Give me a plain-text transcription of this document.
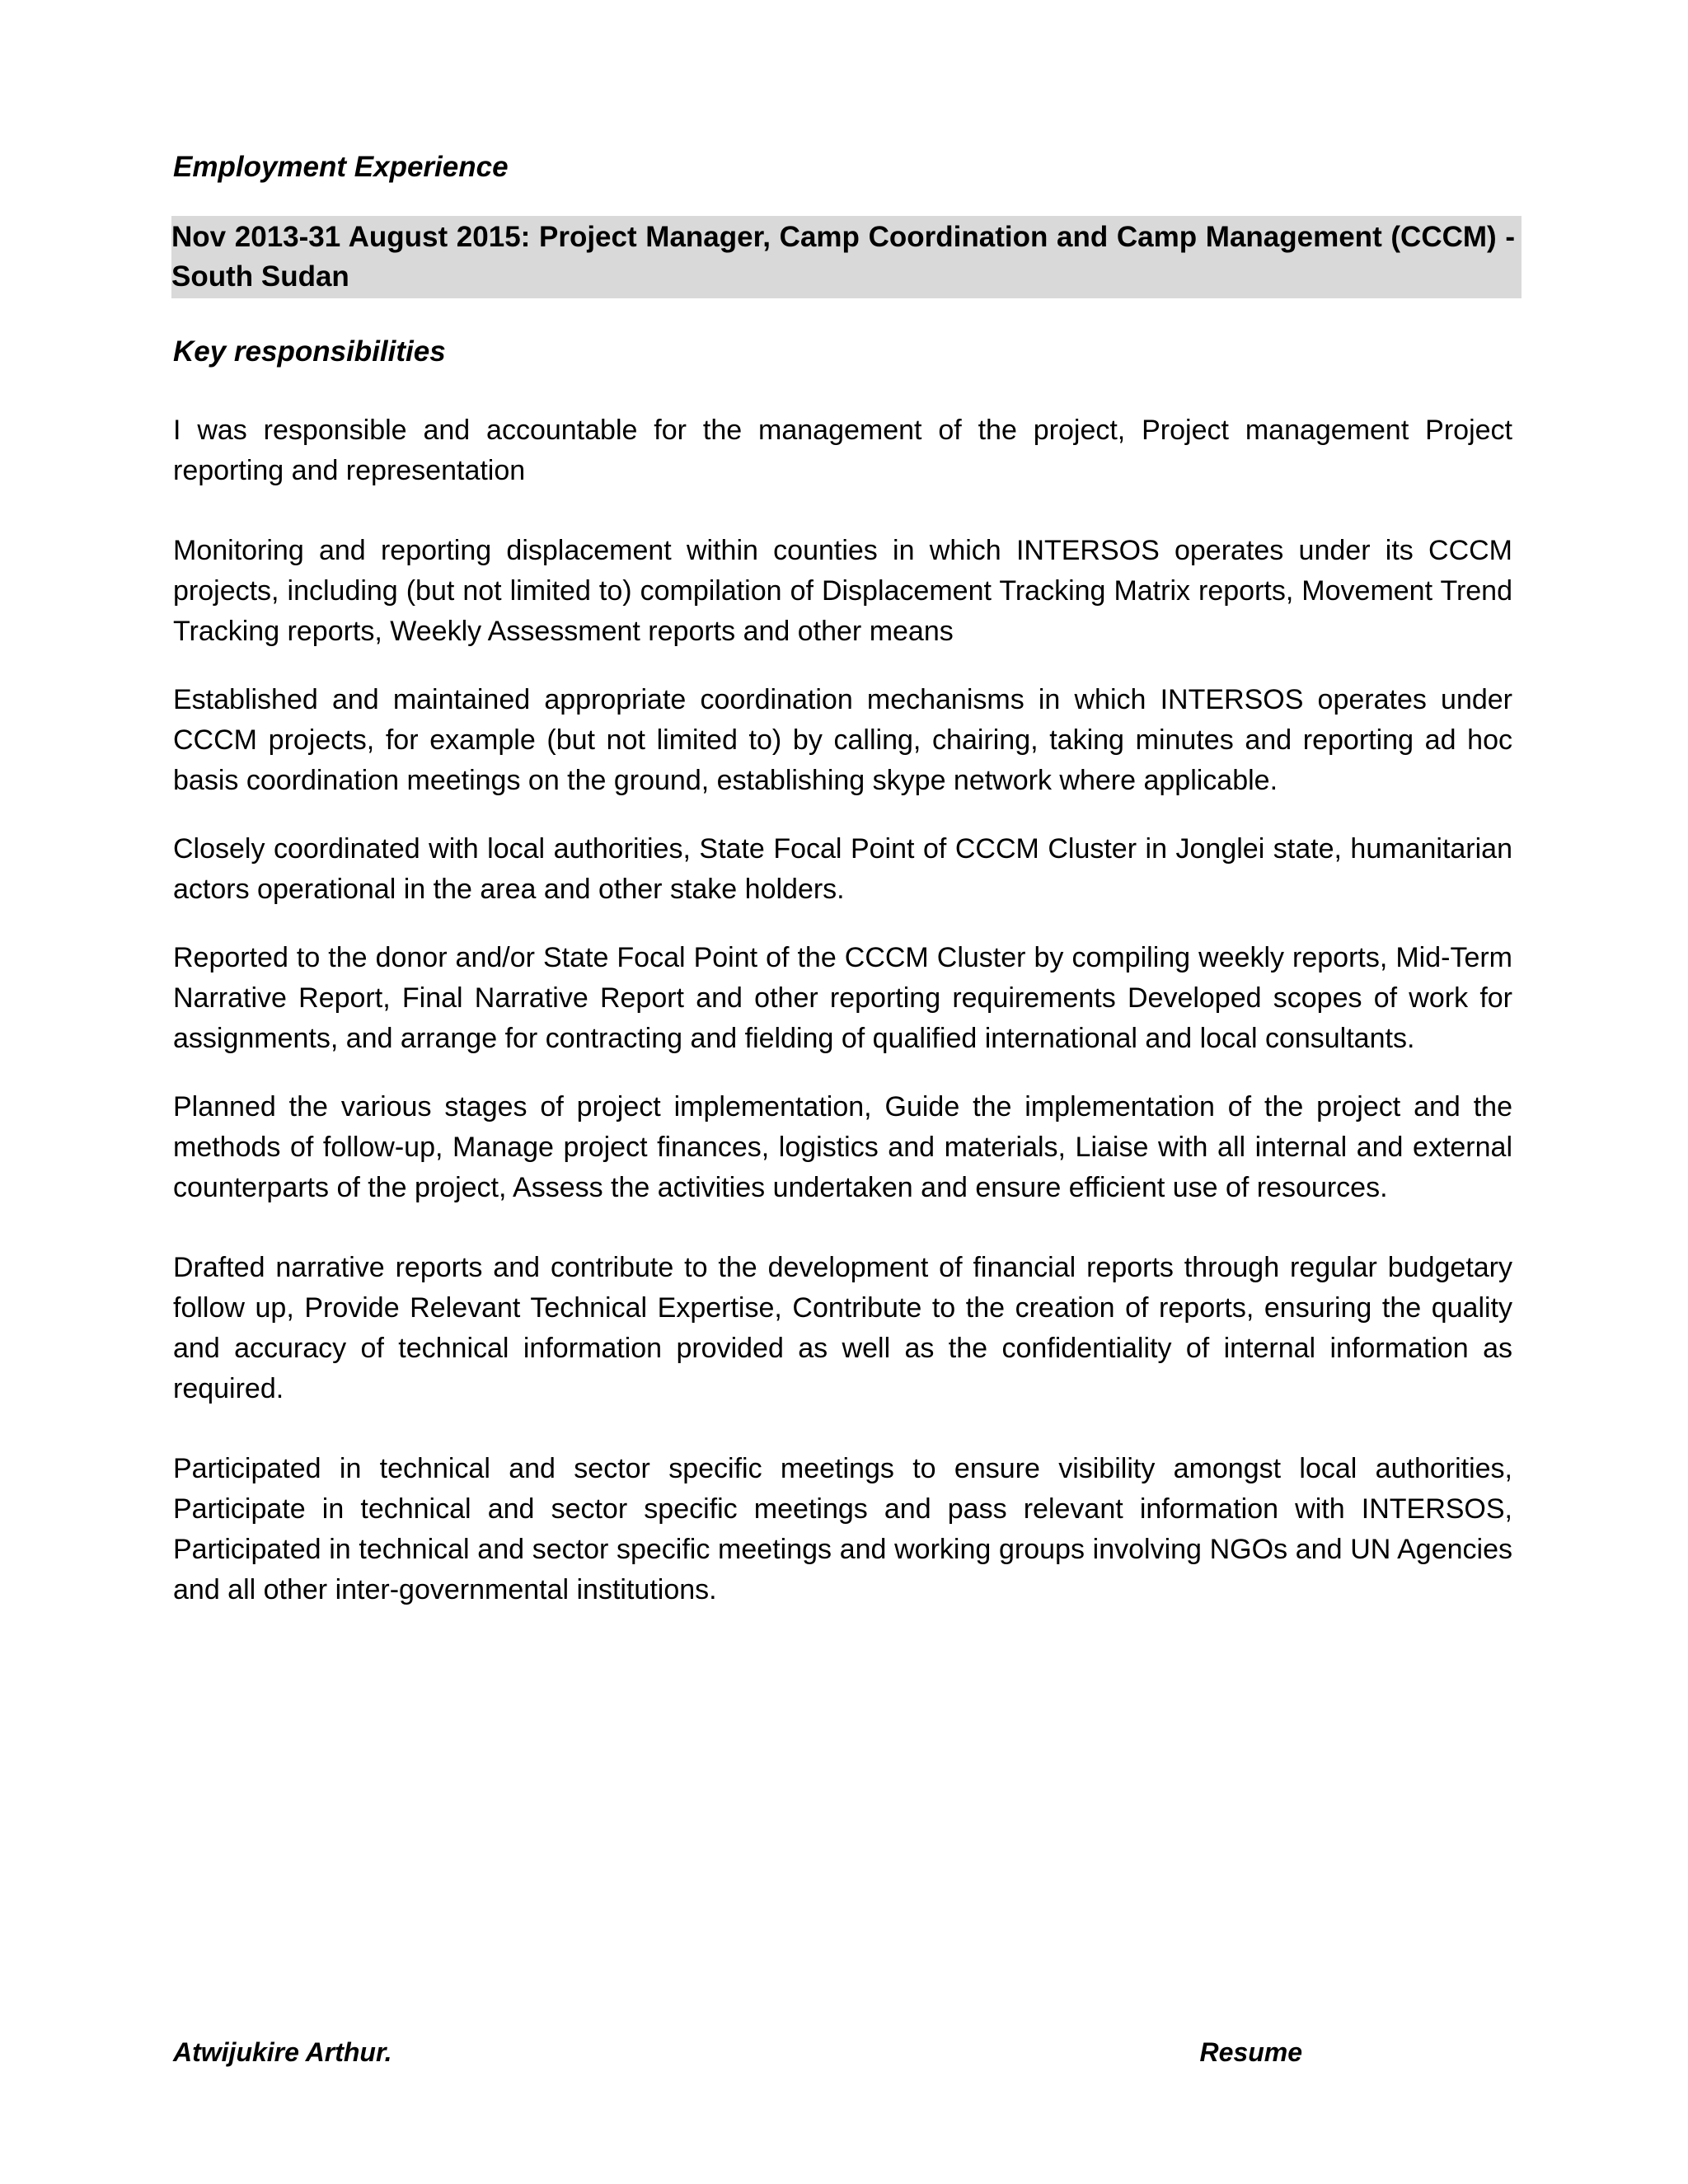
Employment Experience
Nov 2013-31 August 2015: Project Manager, Camp Coordination and Camp Management (CCCM) - South Sudan
Key responsibilities

I was responsible and accountable for the management of the project, Project management Project reporting and representation

Monitoring and reporting displacement within counties in which INTERSOS operates under its CCCM projects, including (but not limited to) compilation of Displacement Tracking Matrix reports, Movement Trend Tracking reports, Weekly Assessment reports and other means

Established and maintained appropriate coordination mechanisms in which INTERSOS operates under CCCM projects, for example (but not limited to) by calling, chairing, taking minutes and reporting ad hoc basis coordination meetings on the ground, establishing skype network where applicable.

Closely coordinated with local authorities, State Focal Point of CCCM Cluster in Jonglei state, humanitarian actors operational in the area and other stake holders.

Reported to the donor and/or State Focal Point of the CCCM Cluster by compiling weekly reports, Mid-Term Narrative Report, Final Narrative Report and other reporting requirements Developed scopes of work for assignments, and arrange for contracting and fielding of qualified international and local consultants.

Planned the various stages of project implementation, Guide the implementation of the project and the methods of follow-up, Manage project finances, logistics and materials, Liaise with all internal and external counterparts of the project, Assess the activities undertaken and ensure efficient use of resources.

Drafted narrative reports and contribute to the development of financial reports through regular budgetary follow up, Provide Relevant Technical Expertise, Contribute to the creation of reports, ensuring the quality and accuracy of technical information provided as well as the confidentiality of internal information as required.

Participated in technical and sector specific meetings to ensure visibility amongst local authorities, Participate in technical and sector specific meetings and pass relevant information with INTERSOS, Participated in technical and sector specific meetings and working groups involving NGOs and UN Agencies and all other inter-governmental institutions.

Atwijukire Arthur.	Resume
